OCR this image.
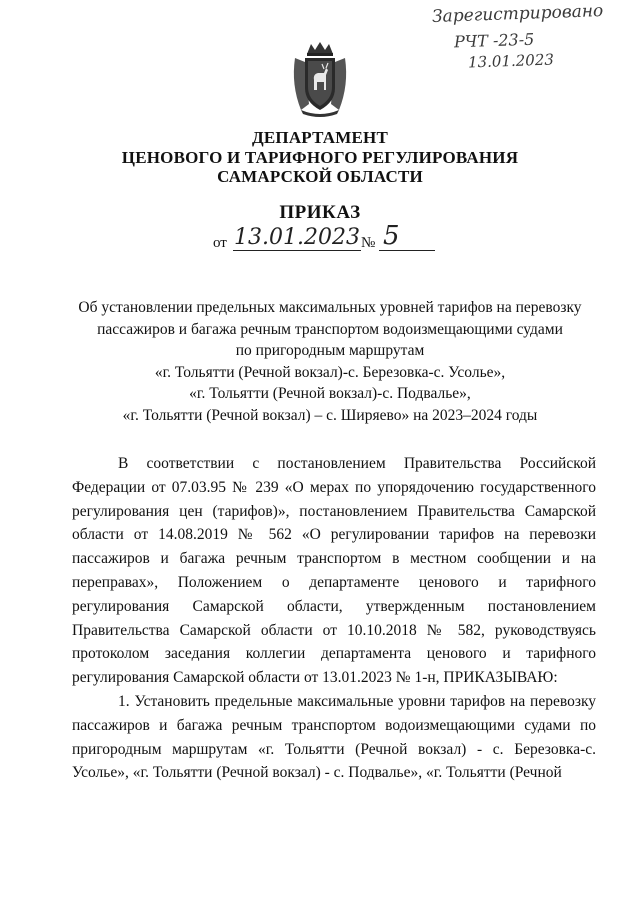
Зарегистрировано
РЧТ -23-5
13.01.2023
ДЕПАРТАМЕНТ
ЦЕНОВОГО И ТАРИФНОГО РЕГУЛИРОВАНИЯ
САМАРСКОЙ ОБЛАСТИ
ПРИКАЗ
от 13.01.2023 № 5
Об установлении предельных максимальных уровней тарифов на перевозку
пассажиров и багажа речным транспортом водоизмещающими судами
по пригородным маршрутам
«г. Тольятти (Речной вокзал)-с. Березовка-с. Усолье»,
«г. Тольятти (Речной вокзал)-с. Подвалье»,
«г. Тольятти (Речной вокзал) – с. Ширяево» на 2023–2024 годы

В соответствии с постановлением Правительства Российской Федерации от 07.03.95 № 239 «О мерах по упорядочению государственного регулирования цен (тарифов)», постановлением Правительства Самарской области от 14.08.2019 № 562 «О регулировании тарифов на перевозки пассажиров и багажа речным транспортом в местном сообщении и на переправах», Положением о департаменте ценового и тарифного регулирования Самарской области, утвержденным постановлением Правительства Самарской области от 10.10.2018 № 582, руководствуясь протоколом заседания коллегии департамента ценового и тарифного регулирования Самарской области от 13.01.2023 № 1-н, ПРИКАЗЫВАЮ:

1. Установить предельные максимальные уровни тарифов на перевозку пассажиров и багажа речным транспортом водоизмещающими судами по пригородным маршрутам «г. Тольятти (Речной вокзал) - с. Березовка-с. Усолье», «г. Тольятти (Речной вокзал) - с. Подвалье», «г. Тольятти (Речной
